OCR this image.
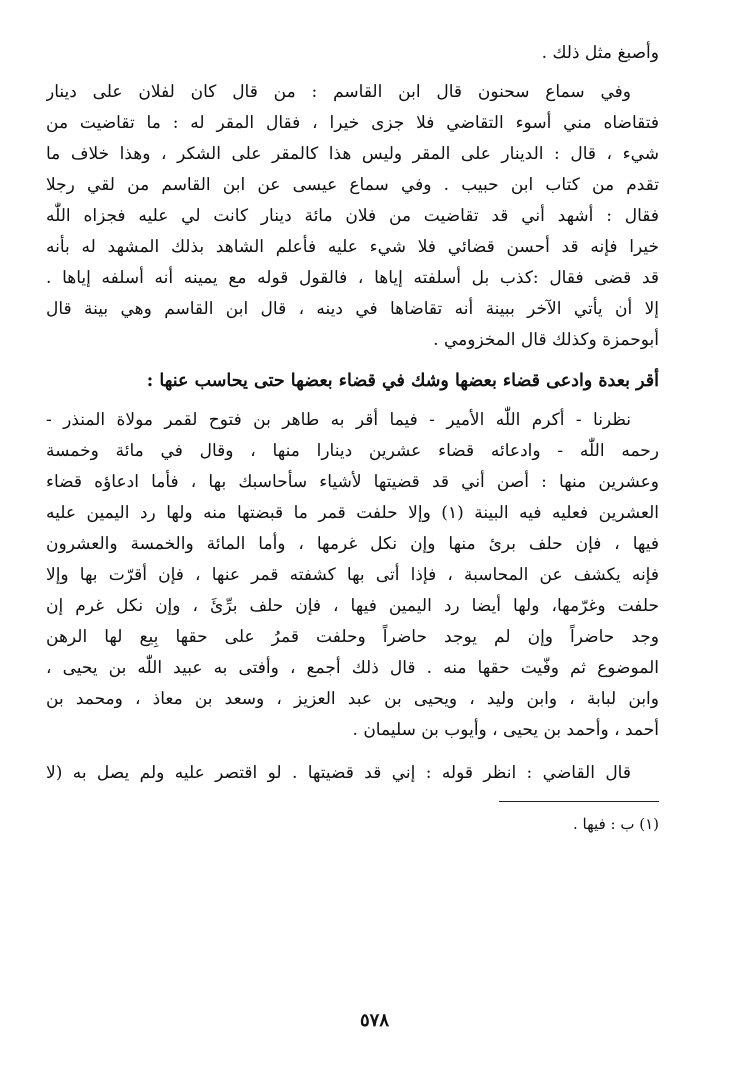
وأصبغ مثل ذلك .
وفي سماع سحنون قال ابن القاسم : من قال كان لفلان على دينار
فتقاضاه مني أسوء التقاضي فلا جزى خيرا ، فقال المقر له : ما تقاضيت من
شيء ، قال : الدينار على المقر وليس هذا كالمقر على الشكر ، وهذا خلاف ما
تقدم من كتاب ابن حبيب . وفي سماع عيسى عن ابن القاسم من لقي رجلا
فقال : أشهد أني قد تقاضيت من فلان مائة دينار كانت لي عليه فجزاه اللّٰه
خيرا فإنه قد أحسن قضائي فلا شيء عليه فأعلم الشاهد بذلك المشهد له بأنه
قد قضى فقال :كذب بل أسلفته إياها ، فالقول قوله مع يمينه أنه أسلفه إياها .
إلا أن يأتي الآخر ببينة أنه تقاضاها في دينه ، قال ابن القاسم وهي بينة قال
أبوحمزة وكذلك قال المخزومي .
أقر بعدة وادعى قضاء بعضها وشك في قضاء بعضها حتى يحاسب عنها :
نظرنا - أكرم اللّٰه الأمير - فيما أقر به طاهر بن فتوح لقمر مولاة المنذر -
رحمه اللّٰه - وادعائه قضاء عشرين دينارا منها ، وقال في مائة وخمسة
وعشرين منها : أصن أني قد قضيتها لأشياء سأحاسبك بها ، فأما ادعاؤه قضاء
العشرين فعليه فيه البينة (١) وإلا حلفت قمر ما قبضتها منه ولها رد اليمين عليه
فيها ، فإن حلف برئ منها وإن نكل غرمها ، وأما المائة والخمسة والعشرون
فإنه يكشف عن المحاسبة ، فإذا أتى بها كشفته قمر عنها ، فإن أقرّت بها وإلا
حلفت وغرّمها، ولها أيضا رد اليمين فيها ، فإن حلف برِّئَ ، وإن نكل غرم إن
وجد حاضراً وإن لم يوجد حاضراً وحلفت قمرُ على حقها بِيع لها الرهن
الموضوع ثم وفّيت حقها منه . قال ذلك أجمع ، وأفتى به عبيد اللّٰه بن يحيى ،
وابن لبابة ، وابن وليد ، ويحيى بن عبد العزيز ، وسعد بن معاذ ، ومحمد بن
أحمد ، وأحمد بن يحيى ، وأيوب بن سليمان .
قال القاضي : انظر قوله : إني قد قضيتها . لو اقتصر عليه ولم يصل به (لا
(١) ب : فيها .
٥٧٨
